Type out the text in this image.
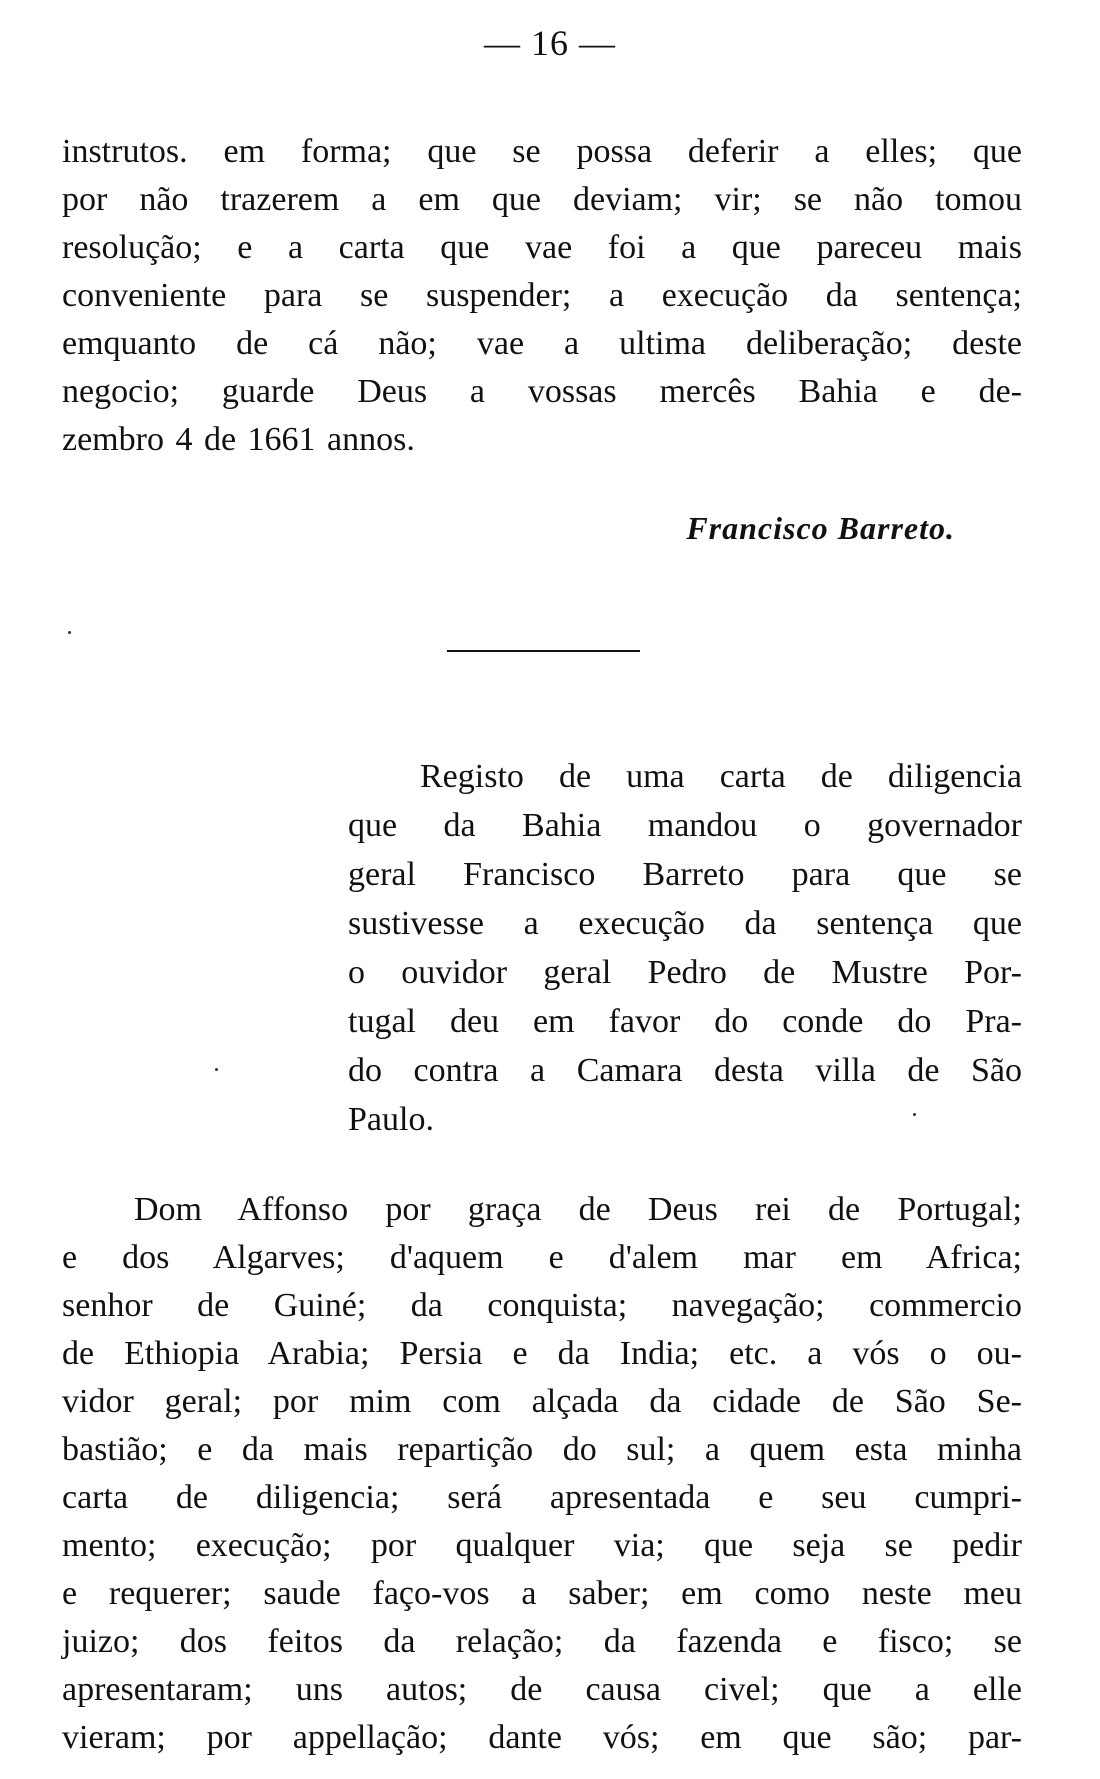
— 16 —
instrutos. em forma; que se possa deferir a elles; que
por não trazerem a em que deviam; vir; se não tomou
resolução; e a carta que vae foi a que pareceu mais
conveniente para se suspender; a execução da sentença;
emquanto de cá não; vae a ultima deliberação; deste
negocio; guarde Deus a vossas mercês Bahia e de-
zembro 4 de 1661 annos.
Francisco Barreto.
Registo de uma carta de diligencia
que da Bahia mandou o governador
geral Francisco Barreto para que se
sustivesse a execução da sentença que
o ouvidor geral Pedro de Mustre Por-
tugal deu em favor do conde do Pra-
do contra a Camara desta villa de São
Paulo.
Dom Affonso por graça de Deus rei de Portugal;
e dos Algarves; d'aquem e d'alem mar em Africa;
senhor de Guiné; da conquista; navegação; commercio
de Ethiopia Arabia; Persia e da India; etc. a vós o ou-
vidor geral; por mim com alçada da cidade de São Se-
bastião; e da mais repartição do sul; a quem esta minha
carta de diligencia; será apresentada e seu cumpri-
mento; execução; por qualquer via; que seja se pedir
e requerer; saude faço-vos a saber; em como neste meu
juizo; dos feitos da relação; da fazenda e fisco; se
apresentaram; uns autos; de causa civel; que a elle
vieram; por appellação; dante vós; em que são; par-
